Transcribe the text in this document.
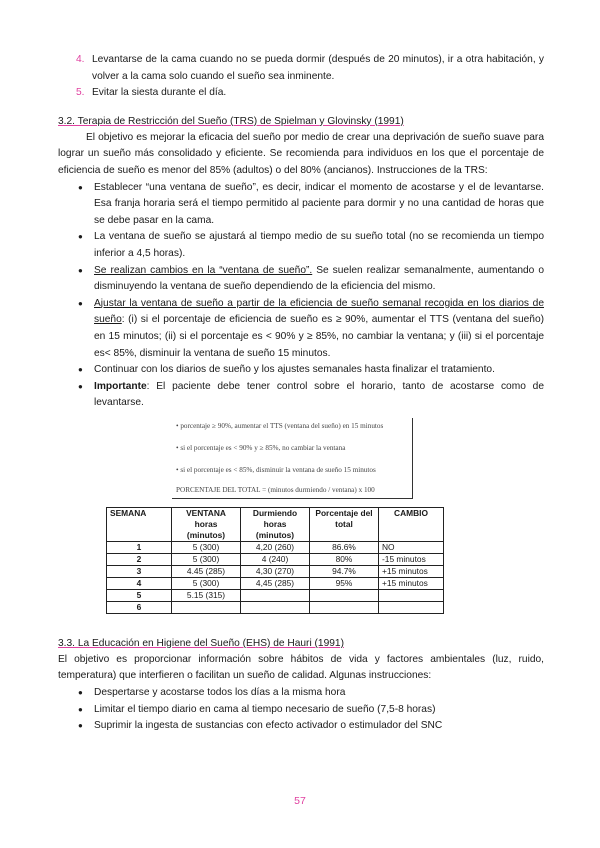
4. Levantarse de la cama cuando no se pueda dormir (después de 20 minutos), ir a otra habitación, y volver a la cama solo cuando el sueño sea inminente.
5. Evitar la siesta durante el día.
3.2. Terapia de Restricción del Sueño (TRS) de Spielman y Glovinsky (1991)
El objetivo es mejorar la eficacia del sueño por medio de crear una deprivación de sueño suave para lograr un sueño más consolidado y eficiente. Se recomienda para individuos en los que el porcentaje de eficiencia de sueño es menor del 85% (adultos) o del 80% (ancianos). Instrucciones de la TRS:
● Establecer “una ventana de sueño”, es decir, indicar el momento de acostarse y el de levantarse. Esa franja horaria será el tiempo permitido al paciente para dormir y no una cantidad de horas que se debe pasar en la cama.
● La ventana de sueño se ajustará al tiempo medio de su sueño total (no se recomienda un tiempo inferior a 4,5 horas).
● Se realizan cambios en la “ventana de sueño”. Se suelen realizar semanalmente, aumentando o disminuyendo la ventana de sueño dependiendo de la eficiencia del mismo.
● Ajustar la ventana de sueño a partir de la eficiencia de sueño semanal recogida en los diarios de sueño: (i) si el porcentaje de eficiencia de sueño es ≥ 90%, aumentar el TTS (ventana del sueño) en 15 minutos; (ii) si el porcentaje es < 90% y ≥ 85%, no cambiar la ventana; y (iii) si el porcentaje es< 85%, disminuir la ventana de sueño 15 minutos.
● Continuar con los diarios de sueño y los ajustes semanales hasta finalizar el tratamiento.
● Importante: El paciente debe tener control sobre el horario, tanto de acostarse como de levantarse.
• porcentaje ≥ 90%, aumentar el TTS (ventana del sueño) en 15 minutos
• si el porcentaje es < 90% y ≥ 85%, no cambiar la ventana
• si el porcentaje es < 85%, disminuir la ventana de sueño 15 minutos
PORCENTAJE DEL TOTAL = (minutos durmiendo / ventana) x 100
SEMANA	VENTANA horas (minutos)	Durmiendo horas (minutos)	Porcentaje del total	CAMBIO
1	5 (300)	4,20 (260)	86.6%	NO
2	5 (300)	4 (240)	80%	-15 minutos
3	4.45 (285)	4,30 (270)	94.7%	+15 minutos
4	5 (300)	4,45 (285)	95%	+15 minutos
5	5.15 (315)			
6				
3.3. La Educación en Higiene del Sueño (EHS) de Hauri (1991)
El objetivo es proporcionar información sobre hábitos de vida y factores ambientales (luz, ruido, temperatura) que interfieren o facilitan un sueño de calidad. Algunas instrucciones:
● Despertarse y acostarse todos los días a la misma hora
● Limitar el tiempo diario en cama al tiempo necesario de sueño (7,5-8 horas)
● Suprimir la ingesta de sustancias con efecto activador o estimulador del SNC
57
